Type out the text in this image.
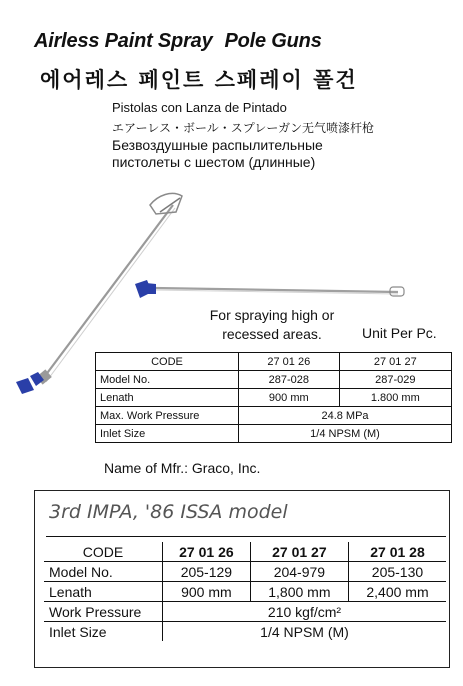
Airless Paint Spray Pole Guns
에어레스 페인트 스페레이 폴건
Pistolas con Lanza de Pintado
エアーレス・ボール・スプレーガン 无气喷漆杆枪
Безвоздушные распылительные
пистолеты с шестом (длинные)
For spraying high or
recessed areas.	Unit Per Pc.
CODE	27 01 26	27 01 27
Model No.	287-028	287-029
Lenath	900 mm	1.800 mm
Max. Work Pressure	24.8 MPa	
Inlet Size	1/4 NPSM (M)	
Name of Mfr.: Graco, Inc.
3rd IMPA, '86 ISSA model
CODE	27 01 26	27 01 27	27 01 28
Model No.	205-129	204-979	205-130
Lenath	900 mm	1,800 mm	2,400 mm
Work Pressure	210 kgf/cm²		
Inlet Size	1/4 NPSM (M)		
